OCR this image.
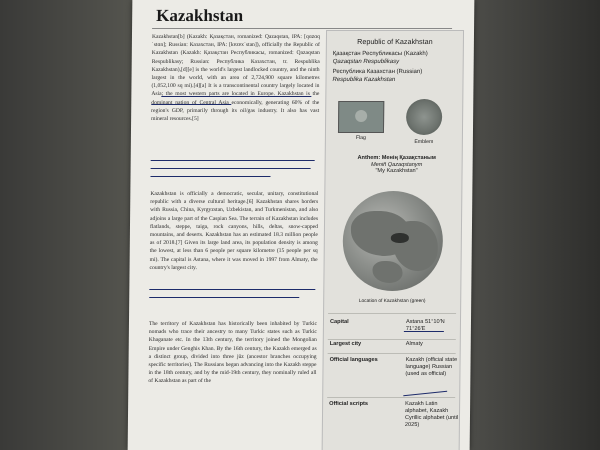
Kazakhstan
Kazakhstan[b] (Kazakh: Қазақстан, romanized: Qazaqstan, IPA: [qɑzɑqˈstɑn]; Russian: Казахстан, IPA: [kɐzɐxˈstan]), officially the Republic of Kazakhstan (Kazakh: Қазақстан Республикасы, romanized: Qazaqstan Respublikasy; Russian: Республика Казахстан, tr. Respublika Kazakhstan),[d][e] is the world's largest landlocked country, and the ninth largest in the world, with an area of 2,724,900 square kilometres (1,052,100 sq mi).[4][a] It is a transcontinental country largely located in Asia; the most western parts are located in Europe. Kazakhstan is the dominant nation of Central Asia economically, generating 60% of the region's GDP, primarily through its oil/gas industry. It also has vast mineral resources.[5]
Kazakhstan is officially a democratic, secular, unitary, constitutional republic with a diverse cultural heritage.[6] Kazakhstan shares borders with Russia, China, Kyrgyzstan, Uzbekistan, and Turkmenistan, and also adjoins a large part of the Caspian Sea. The terrain of Kazakhstan includes flatlands, steppe, taiga, rock canyons, hills, deltas, snow-capped mountains, and deserts. Kazakhstan has an estimated 18.3 million people as of 2018.[7] Given its large land area, its population density is among the lowest, at less than 6 people per square kilometre (15 people per sq mi). The capital is Astana, where it was moved in 1997 from Almaty, the country's largest city.
The territory of Kazakhstan has historically been inhabited by Turkic nomads who trace their ancestry to many Turkic states such as Turkic Khaganate etc. In the 13th century, the territory joined the Mongolian Empire under Genghis Khan. By the 16th century, the Kazakh emerged as a distinct group, divided into three jüz (ancestor branches occupying specific territories). The Russians began advancing into the Kazakh steppe in the 18th century, and by the mid-19th century, they nominally ruled all of Kazakhstan as part of the
Republic of Kazakhstan
Қазақстан Республикасы (Kazakh)
Qazaqstan Respublikasy
Республика Казахстан (Russian)
Respublika Kazakhstan
Flag
Emblem
Anthem: Менің Қазақстаным
Meniñ Qazaqstanym
"My Kazakhstan"
Location of Kazakhstan (green)
Capital	Astana 51°10′N 71°26′E
Largest city	Almaty
Official languages	Kazakh (official state language) Russian (used as official)
Official scripts	Kazakh Latin alphabet, Kazakh Cyrillic alphabet (until 2025)
